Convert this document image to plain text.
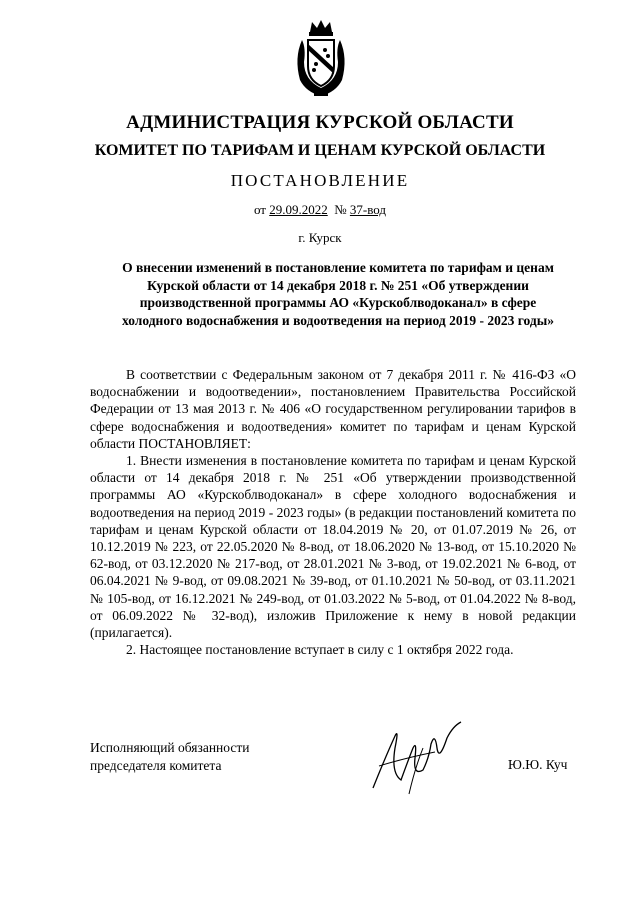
АДМИНИСТРАЦИЯ КУРСКОЙ ОБЛАСТИ
КОМИТЕТ ПО ТАРИФАМ И ЦЕНАМ КУРСКОЙ ОБЛАСТИ
ПОСТАНОВЛЕНИЕ
от 29.09.2022 № 37-вод
г. Курск
О внесении изменений в постановление комитета по тарифам и ценам
Курской области от 14 декабря 2018 г. № 251 «Об утверждении
производственной программы АО «Курскоблводоканал» в сфере
холодного водоснабжения и водоотведения на период 2019 - 2023 годы»

В соответствии с Федеральным законом от 7 декабря 2011 г. № 416-ФЗ «О водоснабжении и водоотведении», постановлением Правительства Российской Федерации от 13 мая 2013 г. № 406 «О государственном регулировании тарифов в сфере водоснабжения и водоотведения» комитет по тарифам и ценам Курской области ПОСТАНОВЛЯЕТ:

1. Внести изменения в постановление комитета по тарифам и ценам Курской области от 14 декабря 2018 г. № 251 «Об утверждении производственной программы АО «Курскоблводоканал» в сфере холодного водоснабжения и водоотведения на период 2019 - 2023 годы» (в редакции постановлений комитета по тарифам и ценам Курской области от 18.04.2019 № 20, от 01.07.2019 № 26, от 10.12.2019 № 223, от 22.05.2020 № 8-вод, от 18.06.2020 № 13-вод, от 15.10.2020 № 62-вод, от 03.12.2020 № 217-вод, от 28.01.2021 № 3-вод, от 19.02.2021 № 6-вод, от 06.04.2021 № 9-вод, от 09.08.2021 № 39-вод, от 01.10.2021 № 50-вод, от 03.11.2021 № 105-вод, от 16.12.2021 № 249-вод, от 01.03.2022 № 5-вод, от 01.04.2022 № 8-вод, от 06.09.2022 № 32-вод), изложив Приложение к нему в новой редакции (прилагается).

2. Настоящее постановление вступает в силу с 1 октября 2022 года.

Исполняющий обязанности
председателя комитета	Ю.Ю. Куч
